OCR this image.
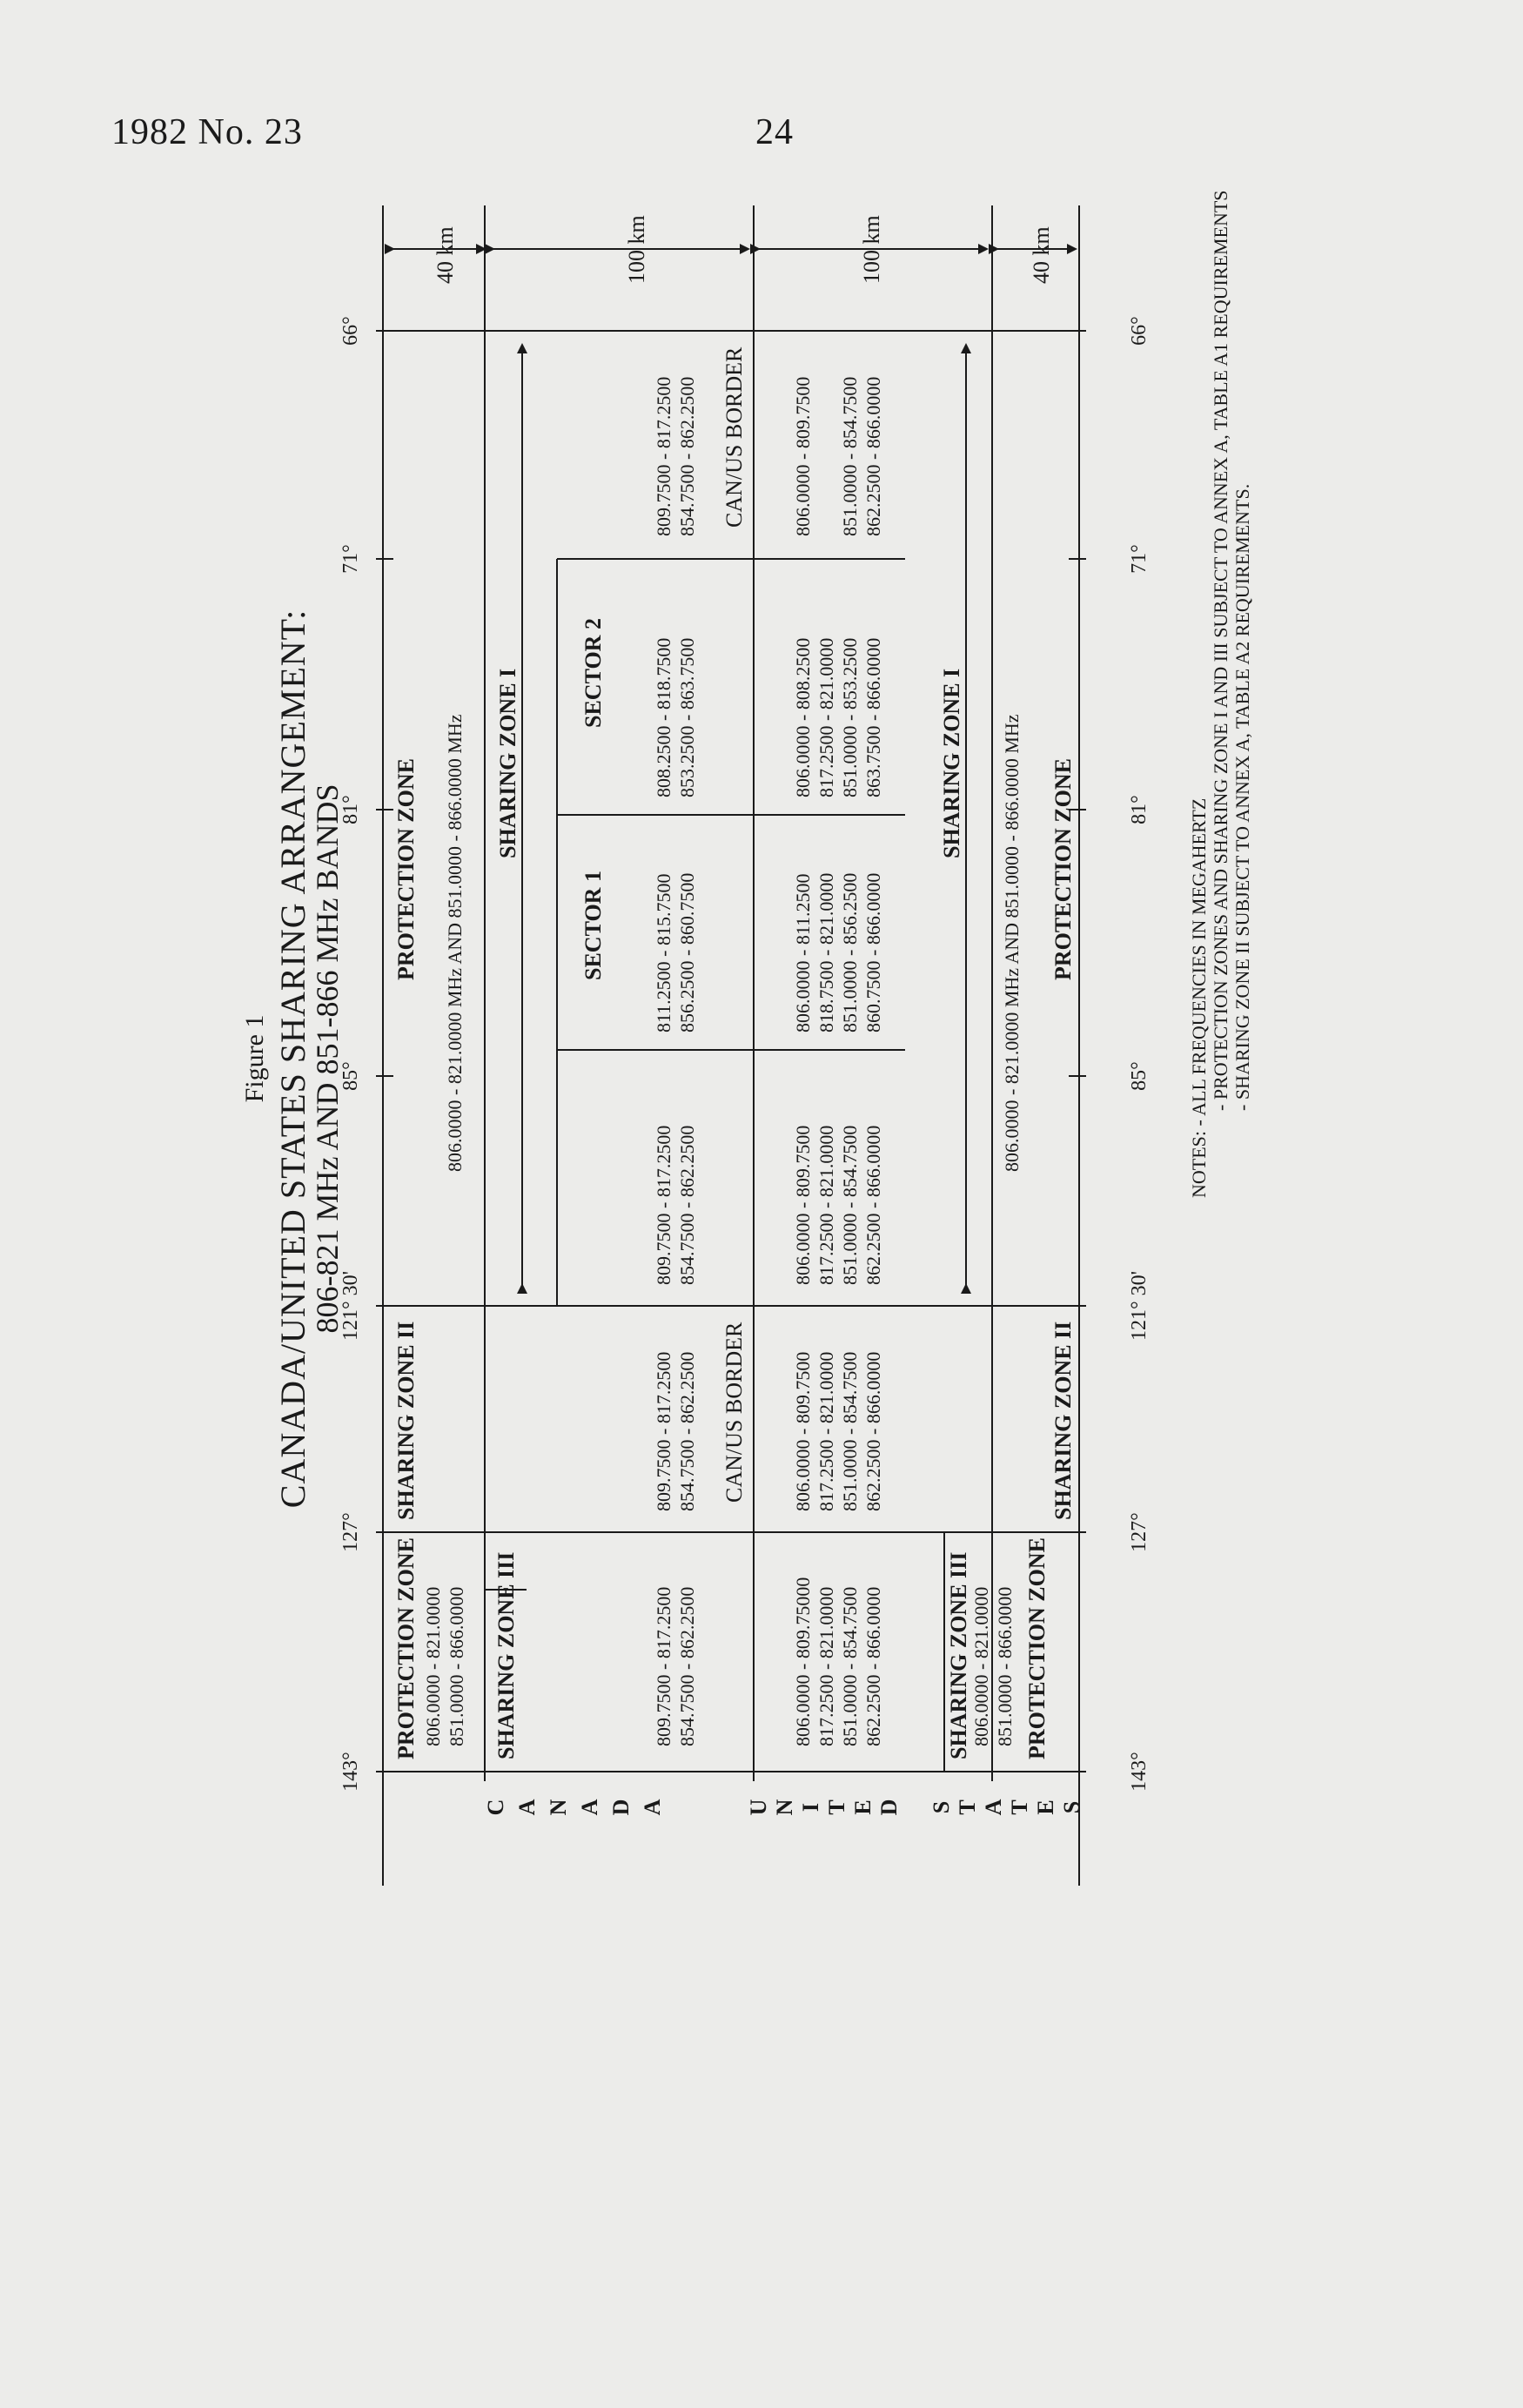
1982 No. 23	24
Figure 1 CANADA/UNITED STATES SHARING ARRANGEMENT:
806-821 MHz AND 851-866 MHz BANDS
143°
127°
121° 30'
85°
81°
71°
66°
143°
127°
121° 30'
85°
81°
71°
66°
40 km	100 km	100 km	40 km
C A N A D A	U N I T E D S T A T E S
PROTECTION ZONE 806.0000 - 821.0000 851.0000 - 866.0000
SHARING ZONE II
PROTECTION ZONE 806.0000 - 821.0000 MHz AND 851.0000 - 866.0000 MHz
SHARING ZONE III
SHARING ZONE I
SECTOR 1
SECTOR 2
809.7500 - 817.2500 854.7500 - 862.2500
809.7500 - 817.2500 854.7500 - 862.2500
809.7500 - 817.2500 854.7500 - 862.2500
811.2500 - 815.7500 856.2500 - 860.7500
808.2500 - 818.7500 853.2500 - 863.7500
809.7500 - 817.2500 854.7500 - 862.2500
CAN/US BORDER
CAN/US BORDER
806.0000 - 809.75000 817.2500 - 821.0000 851.0000 - 854.7500 862.2500 - 866.0000
806.0000 - 809.7500 817.2500 - 821.0000 851.0000 - 854.7500 862.2500 - 866.0000
806.0000 - 809.7500 817.2500 - 821.0000 851.0000 - 854.7500 862.2500 - 866.0000
806.0000 - 811.2500 818.7500 - 821.0000 851.0000 - 856.2500 860.7500 - 866.0000
806.0000 - 808.2500 817.2500 - 821.0000 851.0000 - 853.2500 863.7500 - 866.0000
806.0000 - 809.7500 851.0000 - 854.7500 862.2500 - 866.0000
SHARING ZONE III
SHARING ZONE I
806.0000 - 821.0000 851.0000 - 866.0000
806.0000 - 821.0000 MHz AND 851.0000 - 866.0000 MHz
PROTECTION ZONE
SHARING ZONE II
PROTECTION ZONE	NOTES: - ALL FREQUENCIES IN MEGAHERTZ - PROTECTION ZONES AND SHARING ZONE I AND III SUBJECT TO ANNEX A, TABLE A1 REQUIREMENTS - SHARING ZONE II SUBJECT TO ANNEX A, TABLE A2 REQUIREMENTS.
